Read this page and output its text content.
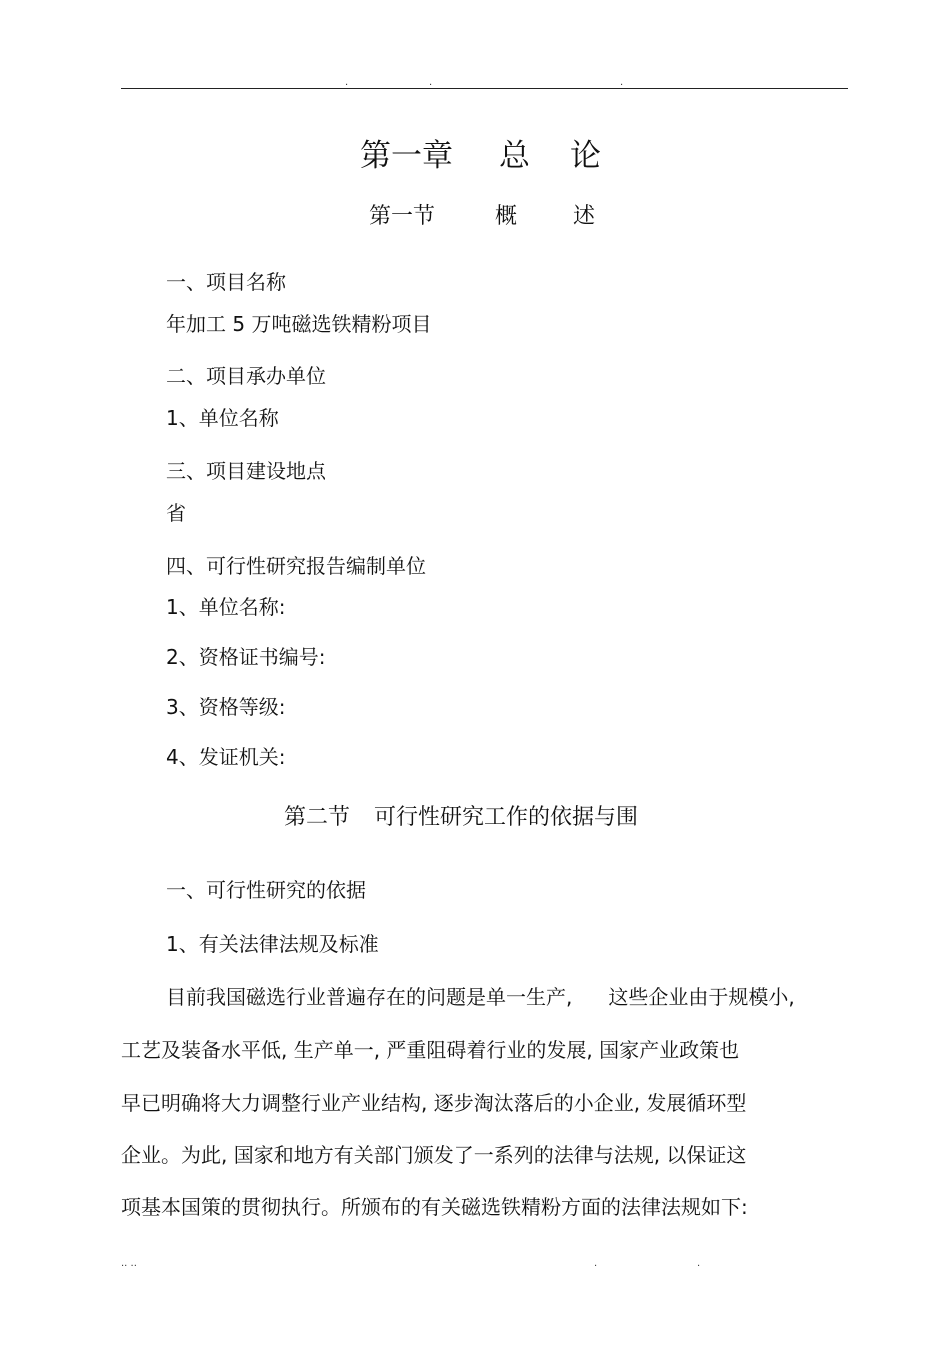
.	.	.
第一章 总 论
第一节	概	述
一、项目名称
年加工 5 万吨磁选铁精粉项目
二、项目承办单位
1、单位名称
三、项目建设地点
省
四、可行性研究报告编制单位
1、单位名称:
2、资格证书编号:
3、资格等级:
4、发证机关:
第二节 可行性研究工作的依据与围
一、可行性研究的依据
1、有关法律法规及标准
目前我国磁选行业普遍存在的问题是单一生产, 这些企业由于规模小,
工艺及装备水平低, 生产单一, 严重阻碍着行业的发展, 国家产业政策也
早已明确将大力调整行业产业结构, 逐步淘汰落后的小企业, 发展循环型
企业。为此, 国家和地方有关部门颁发了一系列的法律与法规, 以保证这
项基本国策的贯彻执行。所颁布的有关磁选铁精粉方面的法律法规如下:
.. ..	.	.
